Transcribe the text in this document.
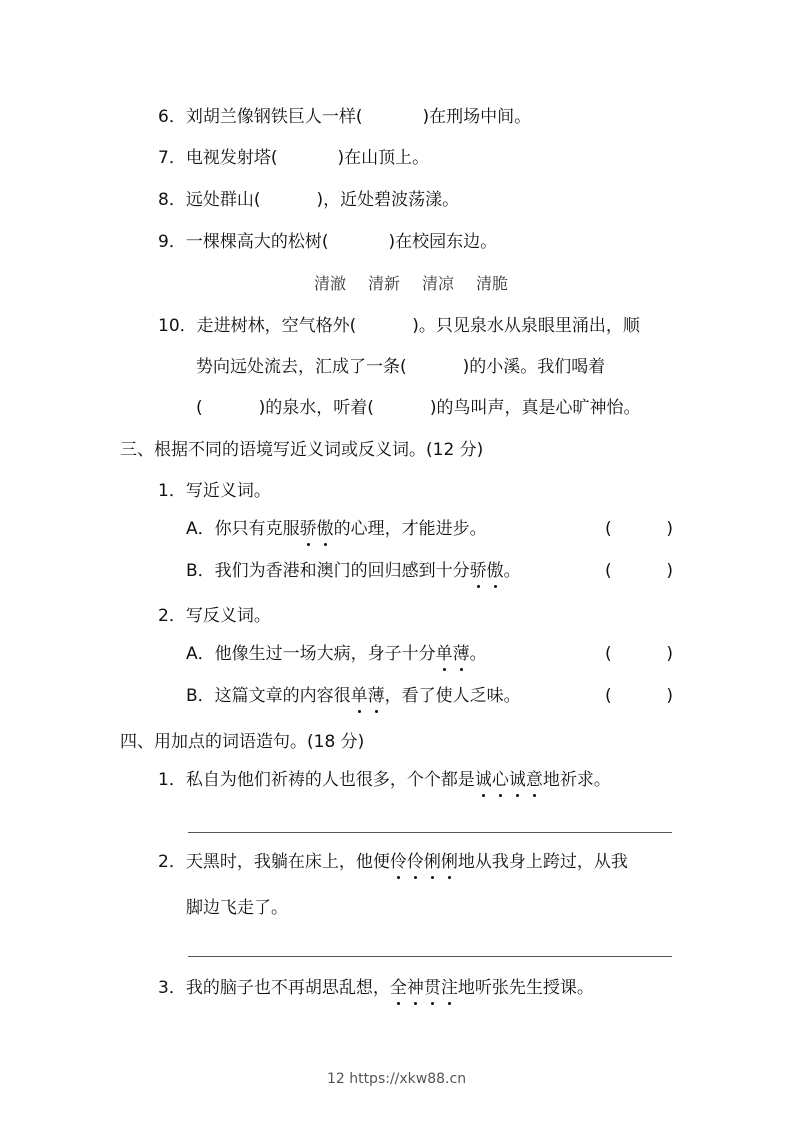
6．刘胡兰像钢铁巨人一样(	)在刑场中间。
7．电视发射塔(	)在山顶上。
8．远处群山(	)，近处碧波荡漾。
9．一棵棵高大的松树(	)在校园东边。
清澈 清新 清凉 清脆
10．走进树林，空气格外(	)。只见泉水从泉眼里涌出，顺
势向远处流去，汇成了一条(	)的小溪。我们喝着
(	)的泉水，听着(	)的鸟叫声，真是心旷神怡。
三、根据不同的语境写近义词或反义词。(12 分)
1．写近义词。
A．你只有克服骄傲的心理，才能进步。	(	)
B．我们为香港和澳门的回归感到十分骄傲。	(	)
2．写反义词。
A．他像生过一场大病，身子十分单薄。	(	)
B．这篇文章的内容很单薄，看了使人乏味。	(	)
四、用加点的词语造句。(18 分)
1．私自为他们祈祷的人也很多，个个都是诚心诚意地祈求。
2．天黑时，我躺在床上，他便伶伶俐俐地从我身上跨过，从我
脚边飞走了。
3．我的脑子也不再胡思乱想，全神贯注地听张先生授课。
12 https://xkw88.cn
